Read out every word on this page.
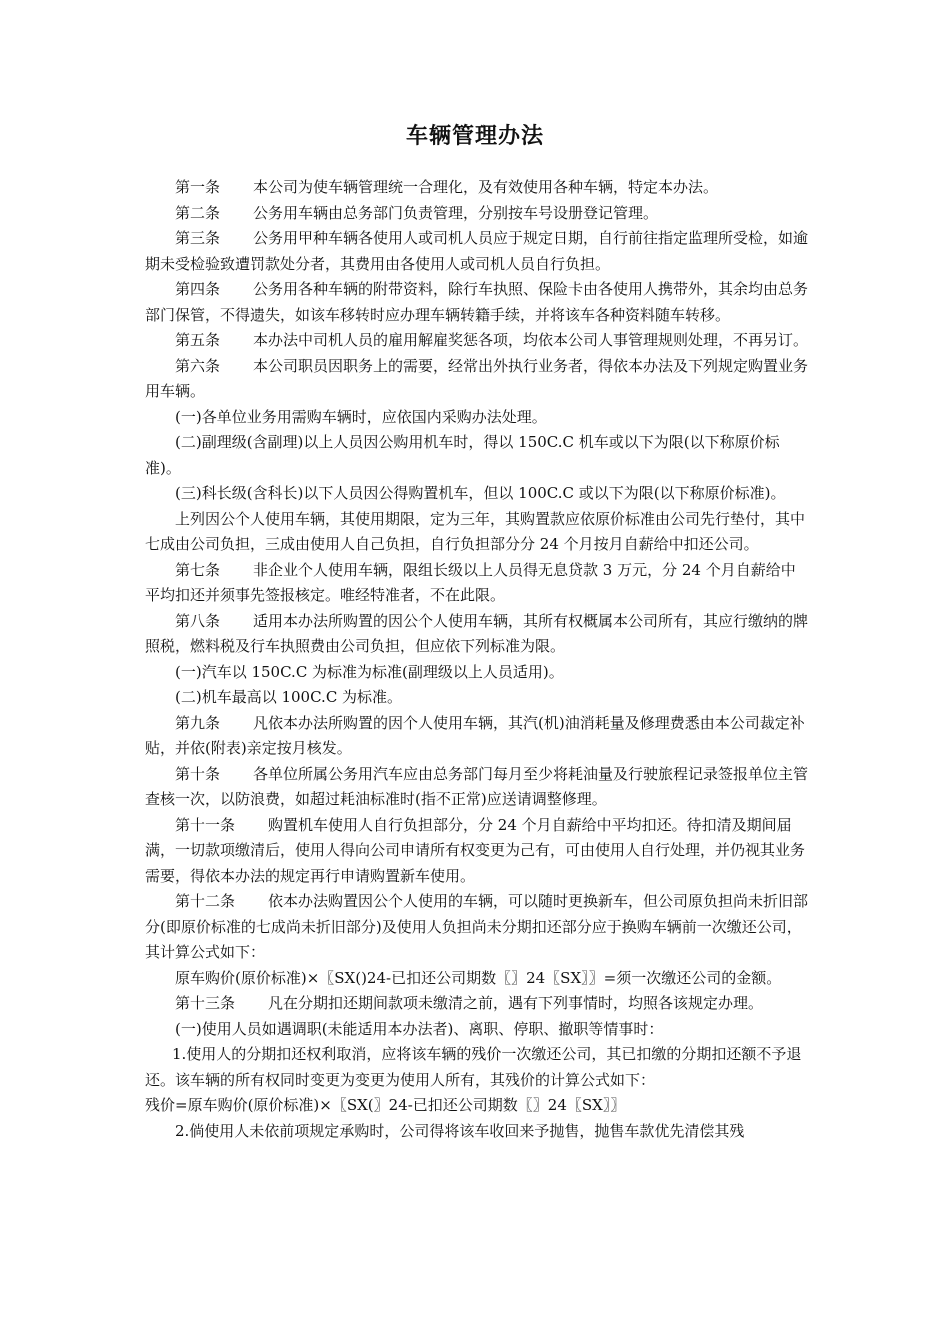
车辆管理办法

第一条 本公司为使车辆管理统一合理化，及有效使用各种车辆，特定本办法。

第二条 公务用车辆由总务部门负责管理，分别按车号设册登记管理。

第三条 公务用甲种车辆各使用人或司机人员应于规定日期，自行前往指定监理所受检，如逾期未受检验致遭罚款处分者，其费用由各使用人或司机人员自行负担。

第四条 公务用各种车辆的附带资料，除行车执照、保险卡由各使用人携带外，其余均由总务部门保管，不得遗失，如该车移转时应办理车辆转籍手续，并将该车各种资料随车转移。

第五条 本办法中司机人员的雇用解雇奖惩各项，均依本公司人事管理规则处理，不再另订。

第六条 本公司职员因职务上的需要，经常出外执行业务者，得依本办法及下列规定购置业务用车辆。

(一)各单位业务用需购车辆时，应依国内采购办法处理。

(二)副理级(含副理)以上人员因公购用机车时，得以 150C.C 机车或以下为限(以下称原价标准)。

(三)科长级(含科长)以下人员因公得购置机车，但以 100C.C 或以下为限(以下称原价标准)。

上列因公个人使用车辆，其使用期限，定为三年，其购置款应依原价标准由公司先行垫付，其中七成由公司负担，三成由使用人自己负担，自行负担部分分 24 个月按月自薪给中扣还公司。

第七条 非企业个人使用车辆，限组长级以上人员得无息贷款 3 万元，分 24 个月自薪给中平均扣还并须事先签报核定。唯经特准者，不在此限。

第八条 适用本办法所购置的因公个人使用车辆，其所有权概属本公司所有，其应行缴纳的牌照税，燃料税及行车执照费由公司负担，但应依下列标准为限。

(一)汽车以 150C.C 为标准为标准(副理级以上人员适用)。

(二)机车最高以 100C.C 为标准。

第九条 凡依本办法所购置的因个人使用车辆，其汽(机)油消耗量及修理费悉由本公司裁定补贴，并依(附表)亲定按月核发。

第十条 各单位所属公务用汽车应由总务部门每月至少将耗油量及行驶旅程记录签报单位主管查核一次，以防浪费，如超过耗油标准时(指不正常)应送请调整修理。

第十一条 购置机车使用人自行负担部分，分 24 个月自薪给中平均扣还。待扣清及期间届满，一切款项缴清后，使用人得向公司申请所有权变更为己有，可由使用人自行处理，并仍视其业务需要，得依本办法的规定再行申请购置新车使用。

第十二条 依本办法购置因公个人使用的车辆，可以随时更换新车，但公司原负担尚未折旧部分(即原价标准的七成尚未折旧部分)及使用人负担尚未分期扣还部分应于换购车辆前一次缴还公司，其计算公式如下：

原车购价(原价标准)×〖SX()24-已扣还公司期数〖〗24〖SX〗〗=须一次缴还公司的金额。

第十三条 凡在分期扣还期间款项未缴清之前，遇有下列事情时，均照各该规定办理。

(一)使用人员如遇调职(未能适用本办法者)、离职、停职、撤职等情事时：

1.使用人的分期扣还权利取消，应将该车辆的残价一次缴还公司，其已扣缴的分期扣还额不予退还。该车辆的所有权同时变更为变更为使用人所有，其残价的计算公式如下：

残价=原车购价(原价标准)×〖SX(〗24-已扣还公司期数〖〗24〖SX〗〗

2.倘使用人未依前项规定承购时，公司得将该车收回来予抛售，抛售车款优先清偿其残
